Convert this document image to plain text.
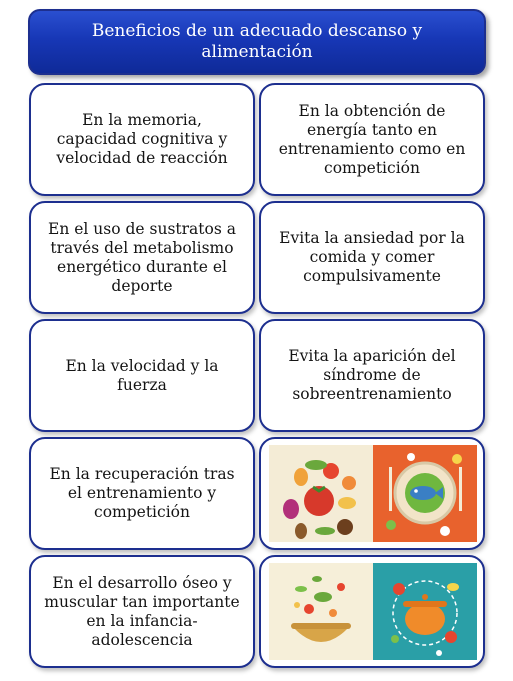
Beneficios de un adecuado descanso y alimentación
En la memoria, capacidad cognitiva y velocidad de reacción
En la obtención de energía tanto en entrenamiento como en competición
En el uso de sustratos a través del metabolismo energético durante el deporte
Evita la ansiedad por la comida y comer compulsivamente
En la velocidad y la fuerza
Evita la aparición del síndrome de sobreentrenamiento
En la recuperación tras el entrenamiento y competición
En el desarrollo óseo y muscular tan importante en la infancia-adolescencia
